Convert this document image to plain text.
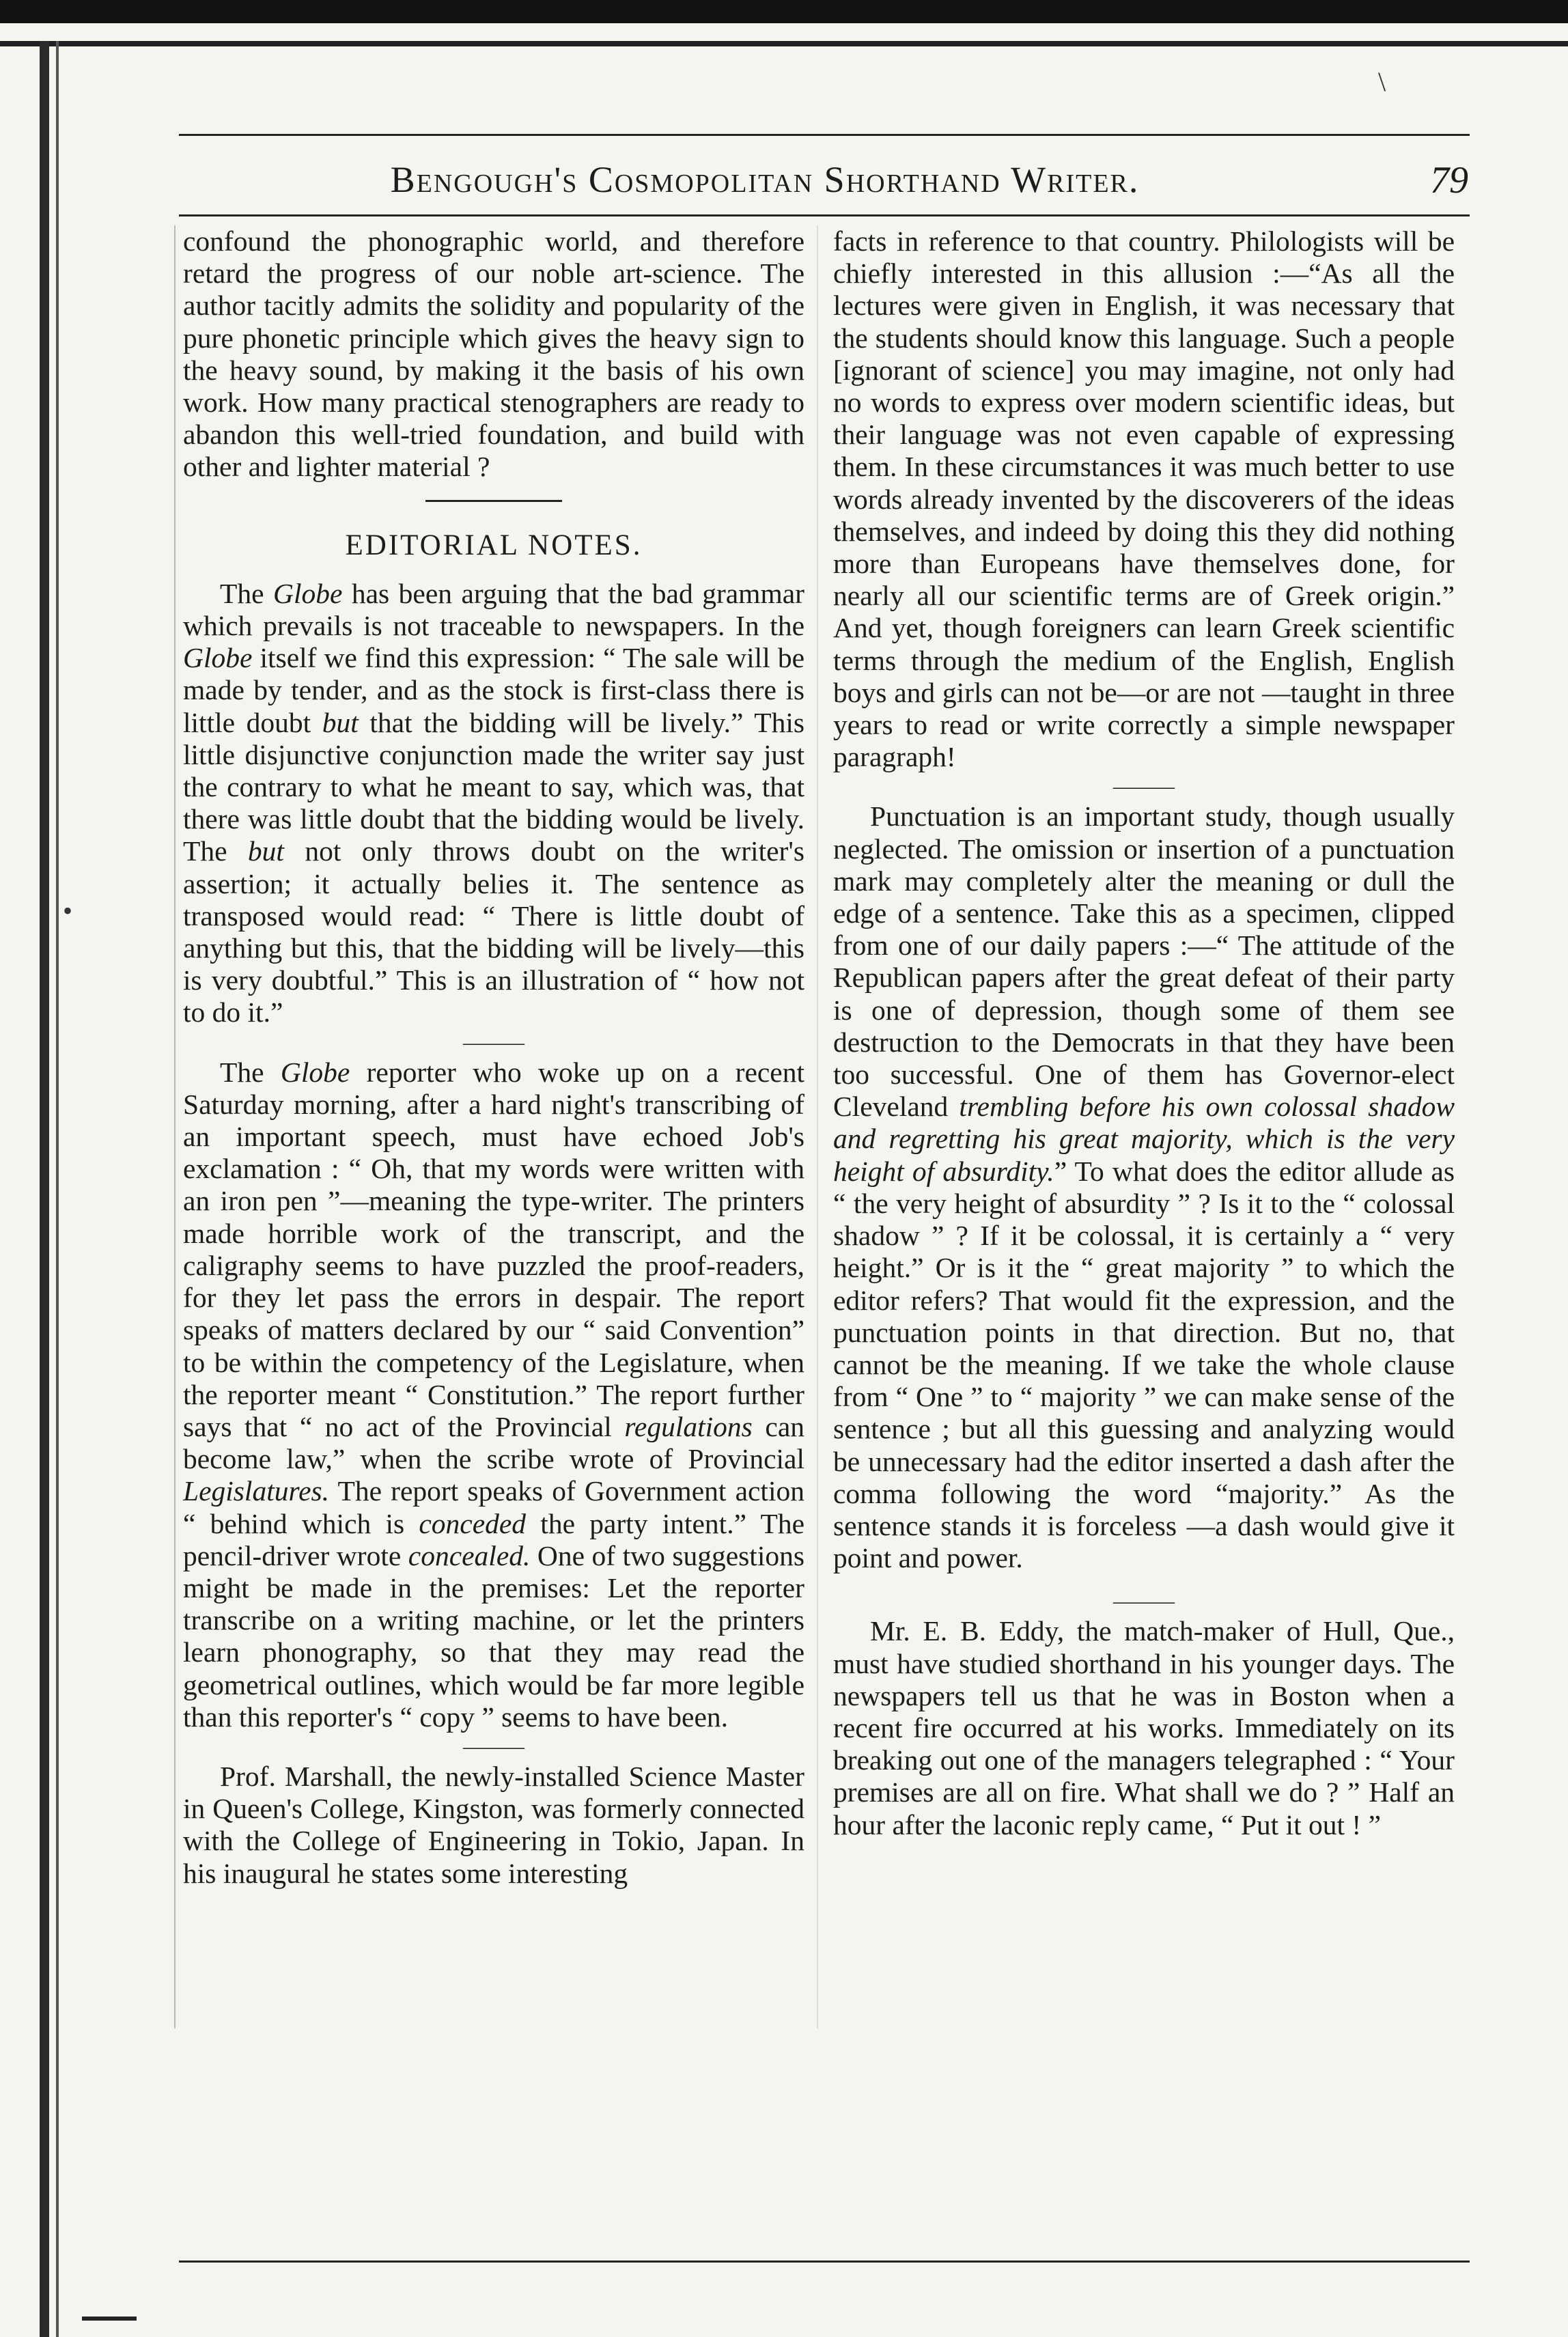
\
•
Bengough's Cosmopolitan Shorthand Writer.	79

confound the phonographic world, and therefore retard the progress of our noble art-science. The author tacitly admits the solidity and popularity of the pure phonetic principle which gives the heavy sign to the heavy sound, by making it the basis of his own work. How many practical stenographers are ready to abandon this well-tried foundation, and build with other and lighter material ?

EDITORIAL NOTES.

The Globe has been arguing that the bad grammar which prevails is not traceable to newspapers. In the Globe itself we find this expression: “ The sale will be made by tender, and as the stock is first-class there is little doubt but that the bidding will be lively.” This little disjunctive conjunction made the writer say just the contrary to what he meant to say, which was, that there was little doubt that the bidding would be lively. The but not only throws doubt on the writer's assertion; it actually belies it. The sentence as transposed would read: “ There is little doubt of anything but this, that the bidding will be lively—this is very doubtful.” This is an illustration of “ how not to do it.”

———

The Globe reporter who woke up on a recent Saturday morning, after a hard night's transcribing of an important speech, must have echoed Job's exclamation : “ Oh, that my words were written with an iron pen ”—meaning the type-writer. The printers made horrible work of the transcript, and the caligraphy seems to have puzzled the proof-readers, for they let pass the errors in despair. The report speaks of matters declared by our “ said Convention” to be within the competency of the Legislature, when the reporter meant “ Constitution.” The report further says that “ no act of the Provincial regulations can become law,” when the scribe wrote of Provincial Legislatures. The report speaks of Government action “ behind which is conceded the party intent.” The pencil-driver wrote concealed. One of two suggestions might be made in the premises: Let the reporter transcribe on a writing machine, or let the printers learn phonography, so that they may read the geometrical outlines, which would be far more legible than this reporter's “ copy ” seems to have been.

———

Prof. Marshall, the newly-installed Science Master in Queen's College, Kingston, was formerly connected with the College of Engineering in Tokio, Japan. In his inaugural he states some interesting

facts in reference to that country. Philologists will be chiefly interested in this allusion :—“As all the lectures were given in English, it was necessary that the students should know this language. Such a people [ignorant of science] you may imagine, not only had no words to express over modern scientific ideas, but their language was not even capable of expressing them. In these circumstances it was much better to use words already invented by the discoverers of the ideas themselves, and indeed by doing this they did nothing more than Europeans have themselves done, for nearly all our scientific terms are of Greek origin.” And yet, though foreigners can learn Greek scientific terms through the medium of the English, English boys and girls can not be—or are not —taught in three years to read or write correctly a simple newspaper paragraph!

———

Punctuation is an important study, though usually neglected. The omission or insertion of a punctuation mark may completely alter the meaning or dull the edge of a sentence. Take this as a specimen, clipped from one of our daily papers :—“ The attitude of the Republican papers after the great defeat of their party is one of depression, though some of them see destruction to the Democrats in that they have been too successful. One of them has Governor-elect Cleveland trembling before his own colossal shadow and regretting his great majority, which is the very height of absurdity.” To what does the editor allude as “ the very height of absurdity ” ? Is it to the “ colossal shadow ” ? If it be colossal, it is certainly a “ very height.” Or is it the “ great majority ” to which the editor refers? That would fit the expression, and the punctuation points in that direction. But no, that cannot be the meaning. If we take the whole clause from “ One ” to “ majority ” we can make sense of the sentence ; but all this guessing and analyzing would be unnecessary had the editor inserted a dash after the comma following the word “majority.” As the sentence stands it is forceless —a dash would give it point and power.

———

Mr. E. B. Eddy, the match-maker of Hull, Que., must have studied shorthand in his younger days. The newspapers tell us that he was in Boston when a recent fire occurred at his works. Immediately on its breaking out one of the managers telegraphed : “ Your premises are all on fire. What shall we do ? ” Half an hour after the laconic reply came, “ Put it out ! ”
